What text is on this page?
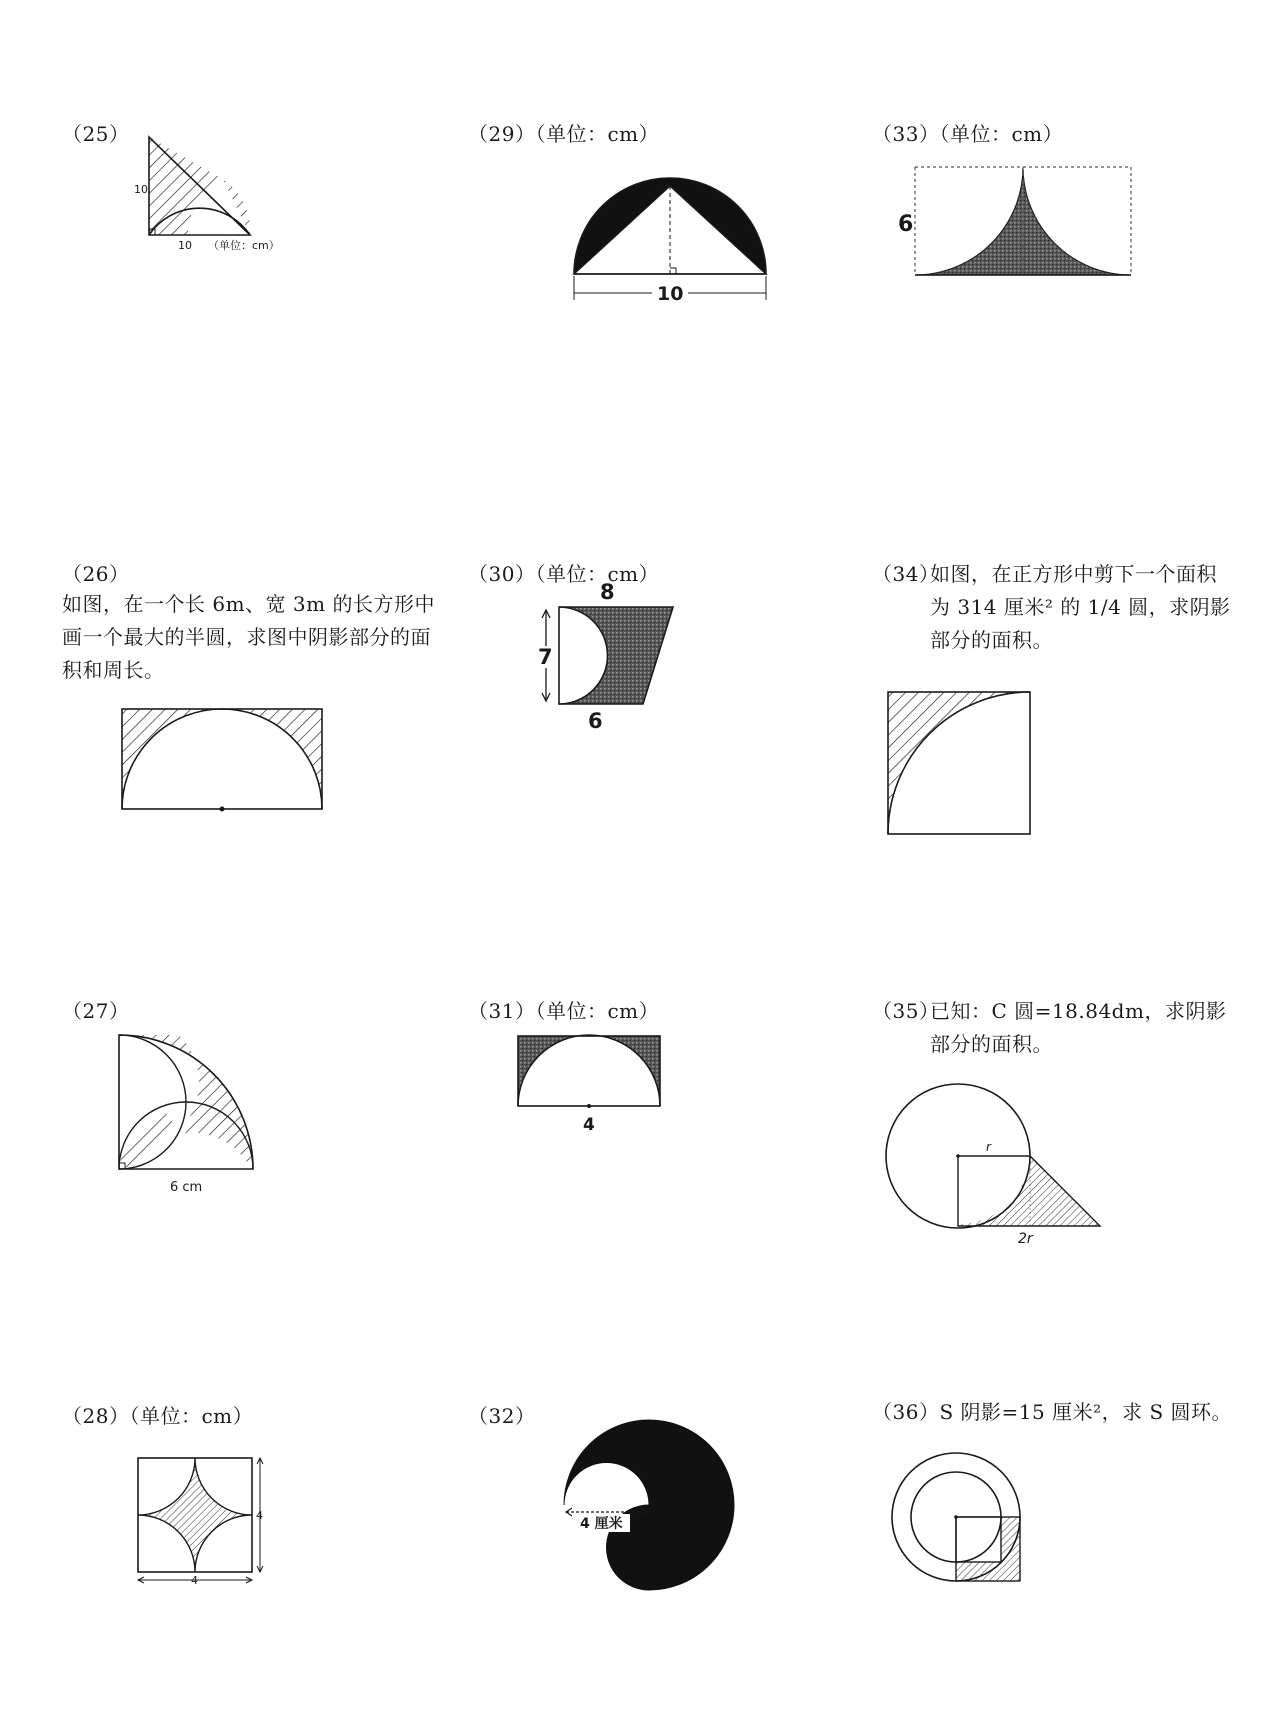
（25）
10
10 （单位：cm）
（26）
如图，在一个长 6m、宽 3m 的长方形中画一个最大的半圆，求图中阴影部分的面积和周长。
（27）
6 cm
（28）（单位：cm）
4
4
（29）（单位：cm）
10
（30）（单位：cm）
7
8
6
（31）（单位：cm）
4
（32）
4 厘米
（33）（单位：cm）
6
（34）
如图，在正方形中剪下一个面积为 314 厘米² 的 1/4 圆，求阴影部分的面积。
（35）
已知：C 圆=18.84dm，求阴影部分的面积。
r
2r
（36）S 阴影=15 厘米²，求 S 圆环。
